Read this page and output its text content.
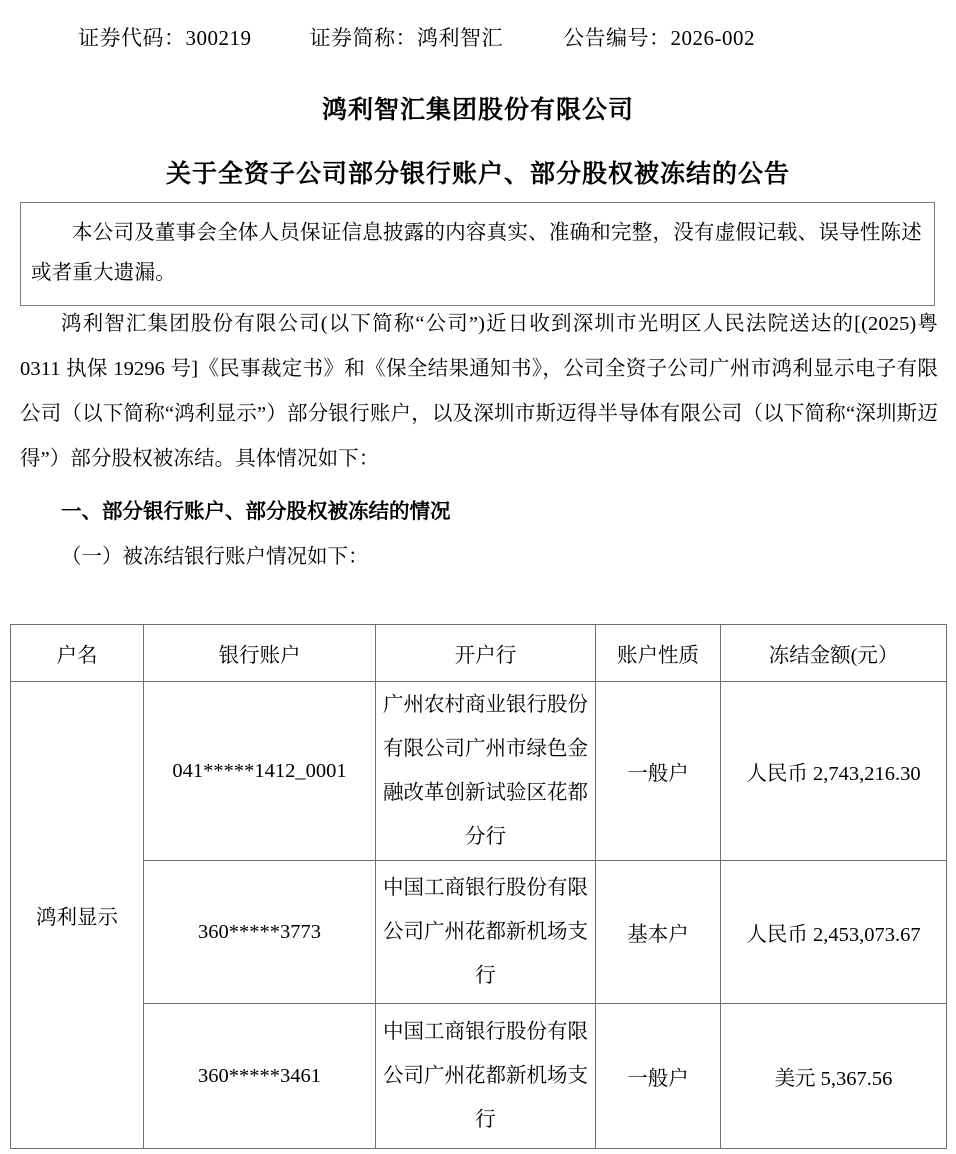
证券代码：300219	证券简称：鸿利智汇	公告编号：2026-002
鸿利智汇集团股份有限公司
关于全资子公司部分银行账户、部分股权被冻结的公告
本公司及董事会全体人员保证信息披露的内容真实、准确和完整，没有虚假记载、误导性陈述或者重大遗漏。
鸿利智汇集团股份有限公司(以下简称“公司”)近日收到深圳市光明区人民法院送达的[(2025)粤 0311 执保 19296 号]《民事裁定书》和《保全结果通知书》，公司全资子公司广州市鸿利显示电子有限公司（以下简称“鸿利显示”）部分银行账户，以及深圳市斯迈得半导体有限公司（以下简称“深圳斯迈得”）部分股权被冻结。具体情况如下：
一、部分银行账户、部分股权被冻结的情况
（一）被冻结银行账户情况如下：
户名	银行账户	开户行	账户性质	冻结金额(元）
鸿利显示	041*****1412_0001	广州农村商业银行股份有限公司广州市绿色金融改革创新试验区花都分行	一般户	人民币 2,743,216.30
	360*****3773	中国工商银行股份有限公司广州花都新机场支行	基本户	人民币 2,453,073.67
	360*****3461	中国工商银行股份有限公司广州花都新机场支行	一般户	美元 5,367.56
